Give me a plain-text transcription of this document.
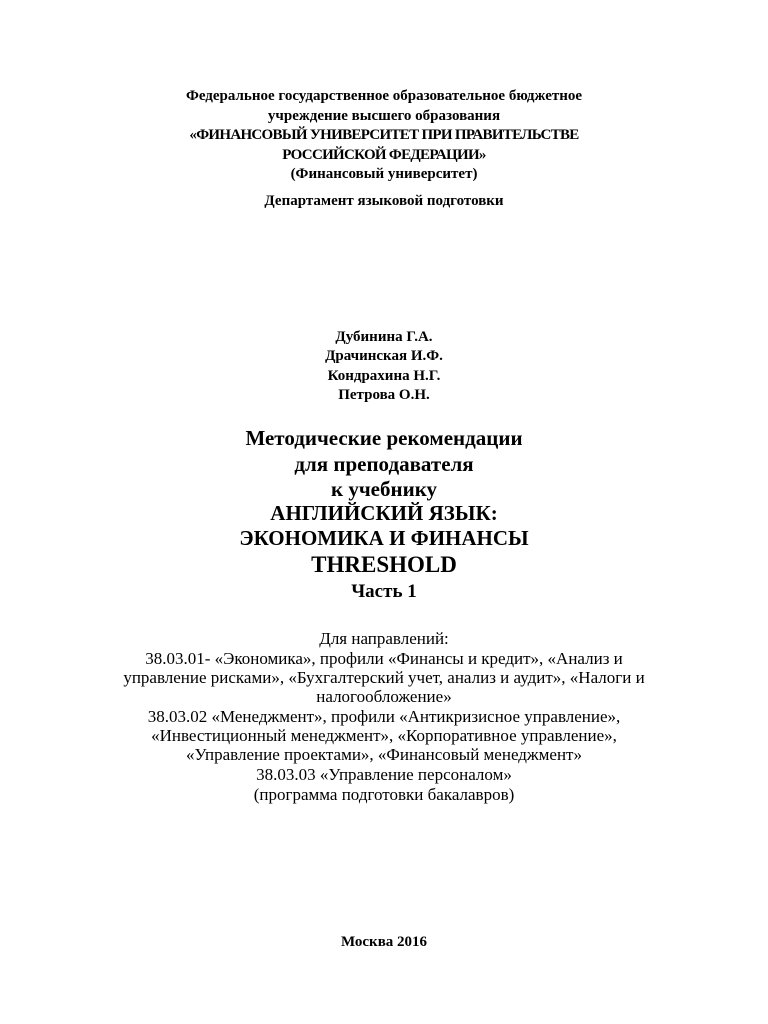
Федеральное государственное образовательное бюджетное
учреждение высшего образования
«ФИНАНСОВЫЙ УНИВЕРСИТЕТ ПРИ ПРАВИТЕЛЬСТВЕ
РОССИЙСКОЙ ФЕДЕРАЦИИ»
(Финансовый университет)
Департамент языковой подготовки
Дубинина Г.А.
Драчинская И.Ф.
Кондрахина Н.Г.
Петрова О.Н.
Методические рекомендации
для преподавателя
к учебнику
АНГЛИЙСКИЙ ЯЗЫК:
ЭКОНОМИКА И ФИНАНСЫ
THRESHOLD
Часть 1
Для направлений:
38.03.01- «Экономика», профили «Финансы и кредит», «Анализ и
управление рисками», «Бухгалтерский учет, анализ и аудит», «Налоги и
налогообложение»
38.03.02 «Менеджмент», профили «Антикризисное управление»,
«Инвестиционный менеджмент», «Корпоративное управление»,
«Управление проектами», «Финансовый менеджмент»
38.03.03 «Управление персоналом»
(программа подготовки бакалавров)
Москва 2016
